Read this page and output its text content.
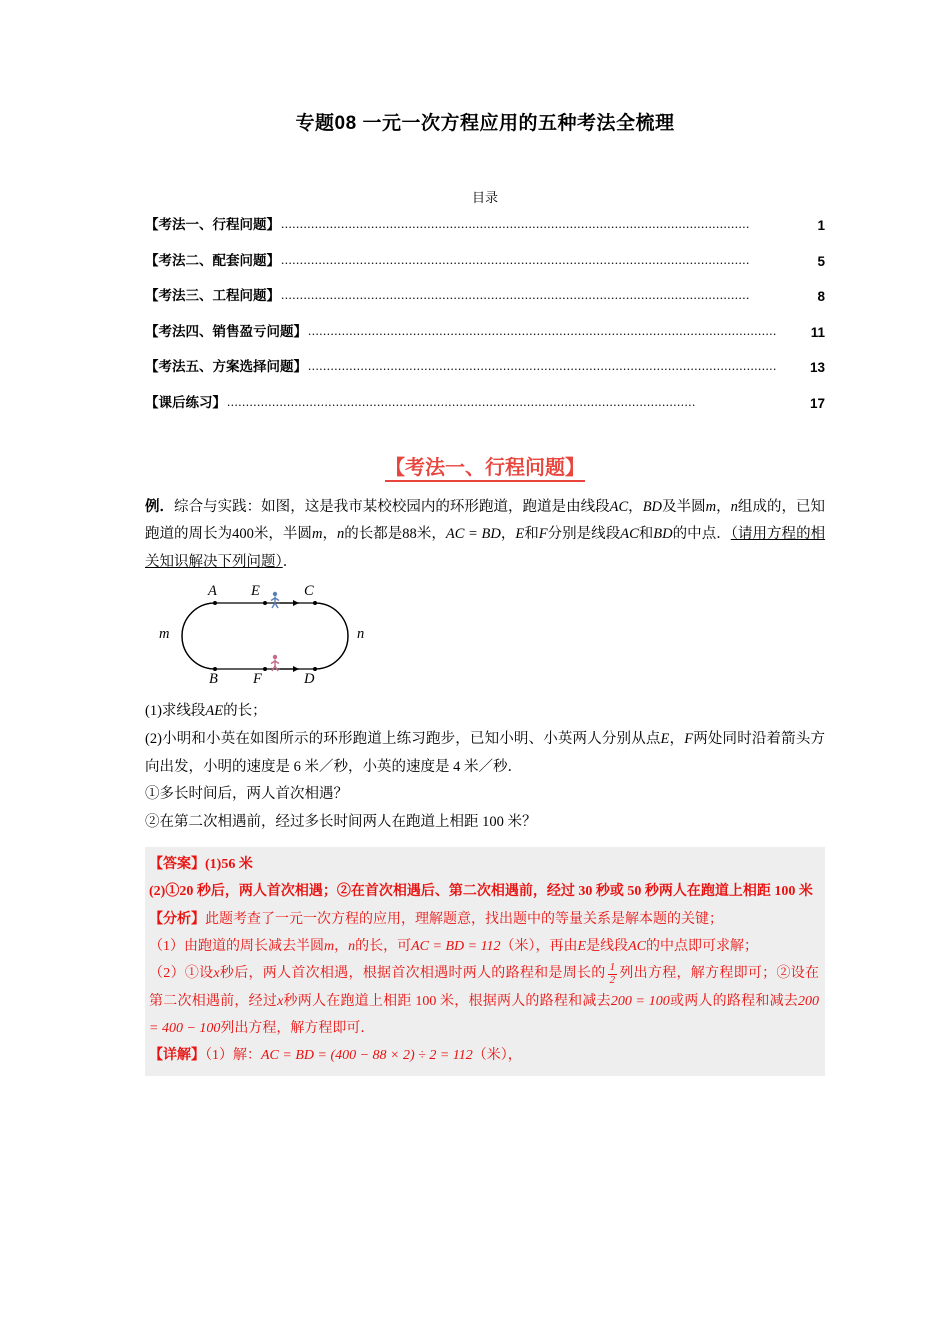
专题08 一元一次方程应用的五种考法全梳理
目录
【考法一、行程问题】 .............................................................................................................................	1
【考法二、配套问题】 .............................................................................................................................	5
【考法三、工程问题】 .............................................................................................................................	8
【考法四、销售盈亏问题】 .............................................................................................................................	11
【考法五、方案选择问题】 .............................................................................................................................	13
【课后练习】 .............................................................................................................................	17
【考法一、行程问题】

例．综合与实践：如图，这是我市某校校园内的环形跑道，跑道是由线段AC，BD及半圆m，n组成的，已知跑道的周长为400米，半圆m，n的长都是88米，AC = BD，E和F分别是线段AC和BD的中点．（请用方程的相关知识解决下列问题）．

A E	C
m	n
B F	D

(1)求线段AE的长；

(2)小明和小英在如图所示的环形跑道上练习跑步，已知小明、小英两人分别从点E，F两处同时沿着箭头方向出发，小明的速度是 6 米／秒，小英的速度是 4 米／秒．

①多长时间后，两人首次相遇？

②在第二次相遇前，经过多长时间两人在跑道上相距 100 米？

【答案】(1)56 米

(2)①20 秒后，两人首次相遇；②在首次相遇后、第二次相遇前，经过 30 秒或 50 秒两人在跑道上相距 100 米

【分析】此题考查了一元一次方程的应用，理解题意，找出题中的等量关系是解本题的关键；

（1）由跑道的周长减去半圆m，n的长，可AC = BD = 112（米），再由E是线段AC的中点即可求解；

（2）①设x秒后，两人首次相遇，根据首次相遇时两人的路程和是周长的 $\frac{1}{2}$ 列出方程，解方程即可；②设在第二次相遇前，经过x秒两人在跑道上相距 100 米，根据两人的路程和减去200 = 100或两人的路程和减去200 = 400 − 100列出方程，解方程即可．

【详解】（1）解：AC = BD = (400 − 88 × 2) ÷ 2 = 112（米），
